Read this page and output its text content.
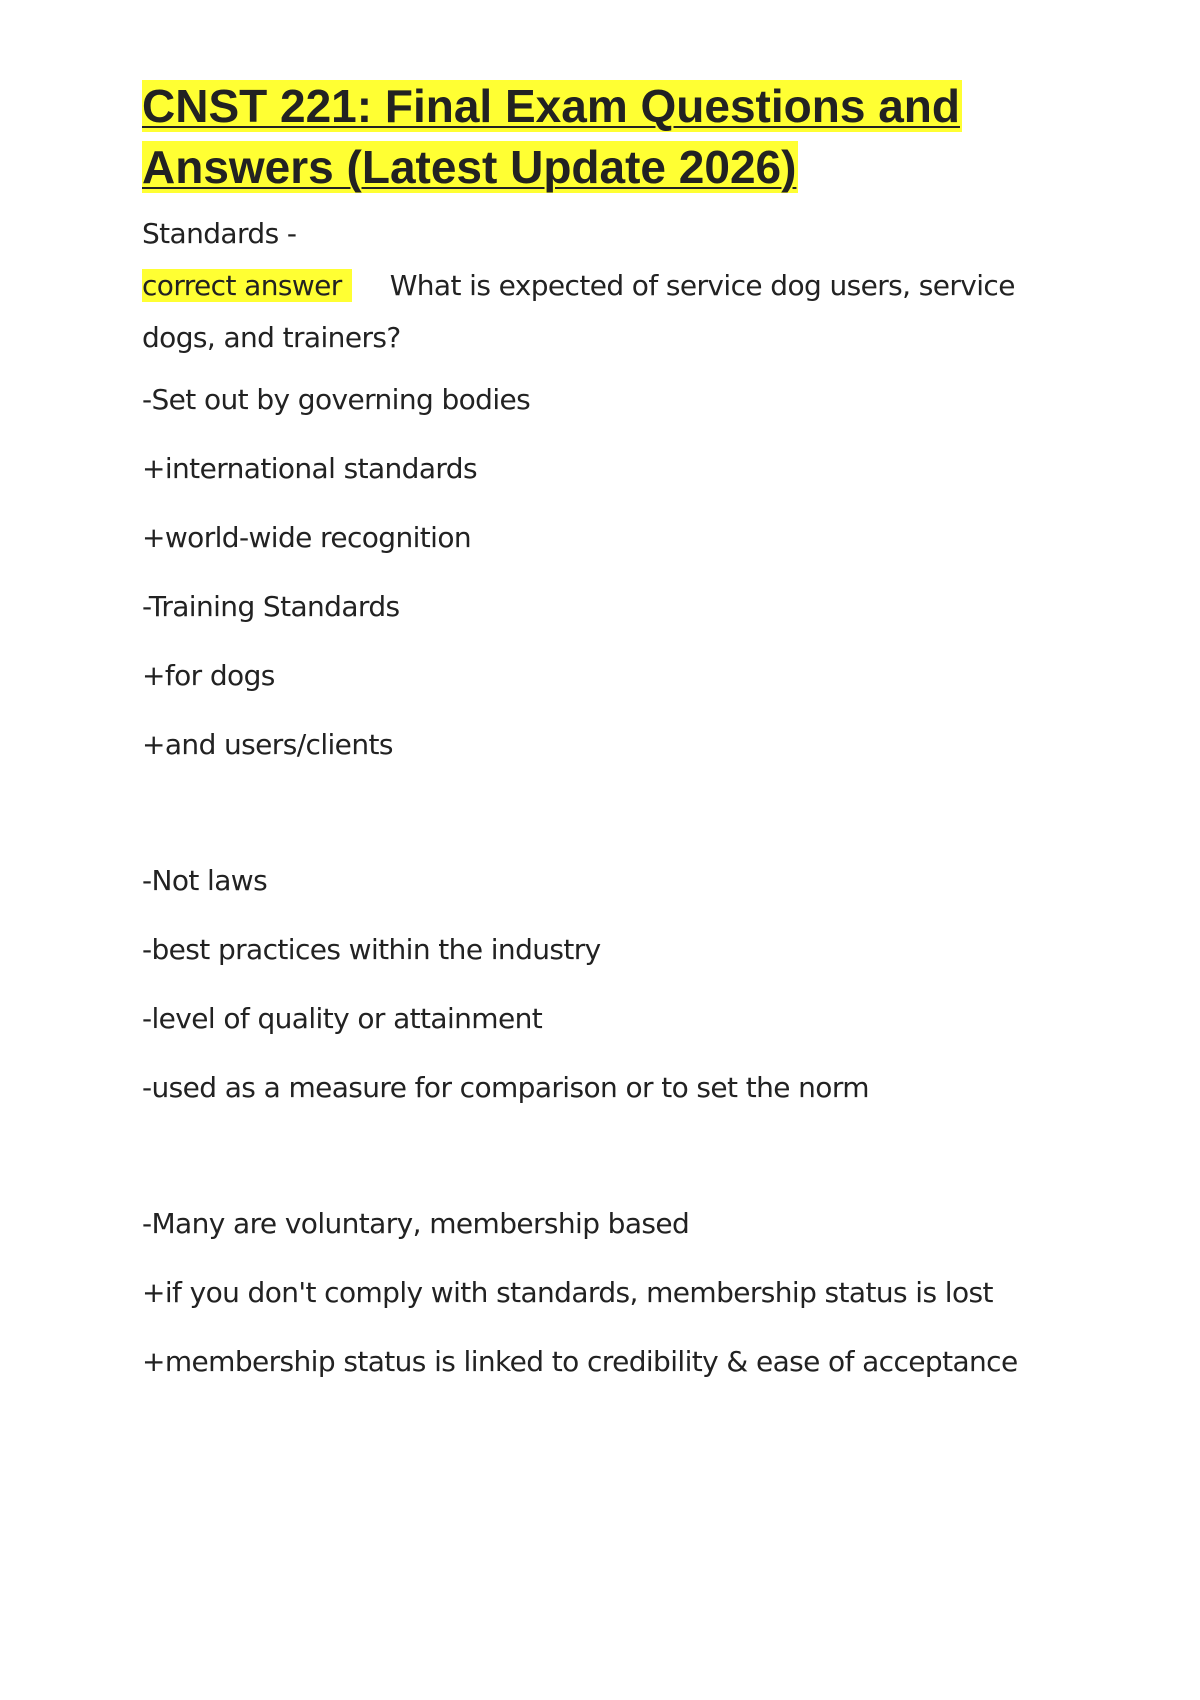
CNST 221: Final Exam Questions and Answers (Latest Update 2026)
Standards -
correct answer What is expected of service dog users, service dogs, and trainers?
-Set out by governing bodies
+international standards
+world-wide recognition
-Training Standards
+for dogs
+and users/clients
-Not laws
-best practices within the industry
-level of quality or attainment
-used as a measure for comparison or to set the norm
-Many are voluntary, membership based
+if you don't comply with standards, membership status is lost
+membership status is linked to credibility & ease of acceptance
